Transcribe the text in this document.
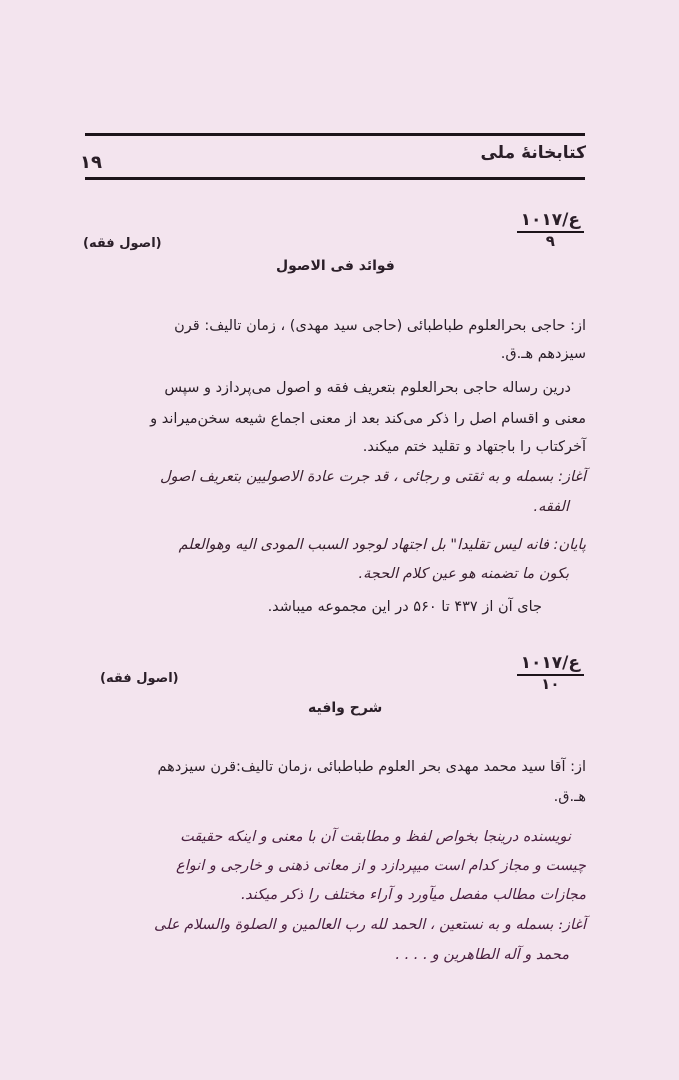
کتابخانهٔ ملی
۱۹
ع/۱۰۱۷
۹
(اصول فقه)
فوائد فی الاصول
از: حاجی بحرالعلوم طباطبائی (حاجی سید مهدی) ، زمان تالیف: قرن
سیزدهم هـ.ق.
درین رساله حاجی بحرالعلوم بتعریف فقه و اصول می‌پردازد و سپس
معنی و اقسام اصل را ذکر می‌کند بعد از معنی اجماع شیعه سخن‌میراند و
آخرکتاب را باجتهاد و تقلید ختم میکند.
آغاز: بسمله و به ثقتی و رجائی ، قد جرت عادة الاصولیین بتعریف اصول
الفقه.
پایان: فانه لیس تقلیدا" بل اجتهاد لوجود السبب المودی الیه وهوالعلم
بکون ما تضمنه هو عین کلام الحجة.
جای آن از ۴۳۷ تا ۵۶۰ در این مجموعه میباشد.
ع/۱۰۱۷
۱۰
(اصول فقه)
شرح وافیه
از: آقا سید محمد مهدی بحر العلوم طباطبائی ،زمان تالیف:قرن سیزدهم
هـ.ق.
نویسنده درینجا بخواص لفظ و مطابقت آن با معنی و اینکه حقیقت
چیست و مجاز کدام است میپردازد و از معانی ذهنی و خارجی و انواع
مجازات مطالب مفصل میآورد و آراء مختلف را ذکر میکند.
آغاز: بسمله و به نستعین ، الحمد لله رب العالمین و الصلوة والسلام علی
محمد و آله الطاهرین و . . . .
